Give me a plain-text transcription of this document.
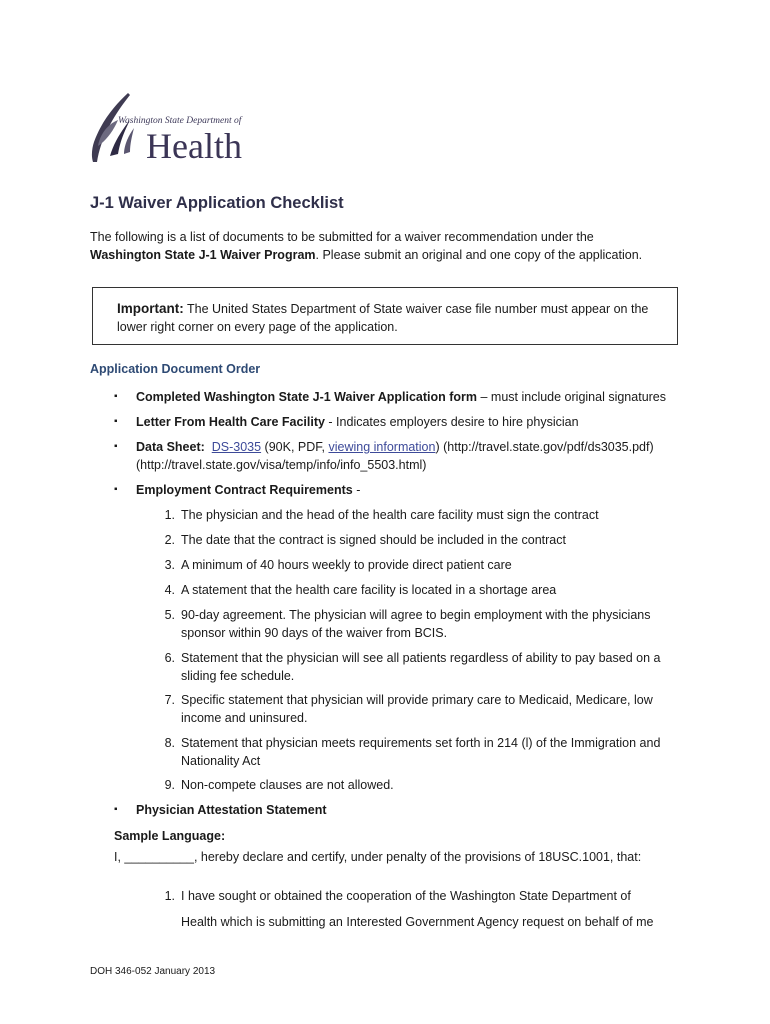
Washington State Department of
Health
J-1 Waiver Application Checklist
The following is a list of documents to be submitted for a waiver recommendation under the
Washington State J-1 Waiver Program. Please submit an original and one copy of the application.
Important: The United States Department of State waiver case file number must appear on the lower right corner on every page of the application.
Application Document Order
▪ Completed Washington State J-1 Waiver Application form – must include original signatures
▪ Letter From Health Care Facility - Indicates employers desire to hire physician
▪ Data Sheet: DS-3035 (90K, PDF, viewing information) (http://travel.state.gov/pdf/ds3035.pdf) (http://travel.state.gov/visa/temp/info/info_5503.html)
▪ Employment Contract Requirements -
1. The physician and the head of the health care facility must sign the contract
2. The date that the contract is signed should be included in the contract
3. A minimum of 40 hours weekly to provide direct patient care
4. A statement that the health care facility is located in a shortage area
5. 90-day agreement. The physician will agree to begin employment with the physicians sponsor within 90 days of the waiver from BCIS.
6. Statement that the physician will see all patients regardless of ability to pay based on a sliding fee schedule.
7. Specific statement that physician will provide primary care to Medicaid, Medicare, low income and uninsured.
8. Statement that physician meets requirements set forth in 214 (l) of the Immigration and Nationality Act
9. Non-compete clauses are not allowed.
▪ Physician Attestation Statement
Sample Language:
I, __________, hereby declare and certify, under penalty of the provisions of 18USC.1001, that:
1. I have sought or obtained the cooperation of the Washington State Department of
Health which is submitting an Interested Government Agency request on behalf of me
DOH 346-052 January 2013
